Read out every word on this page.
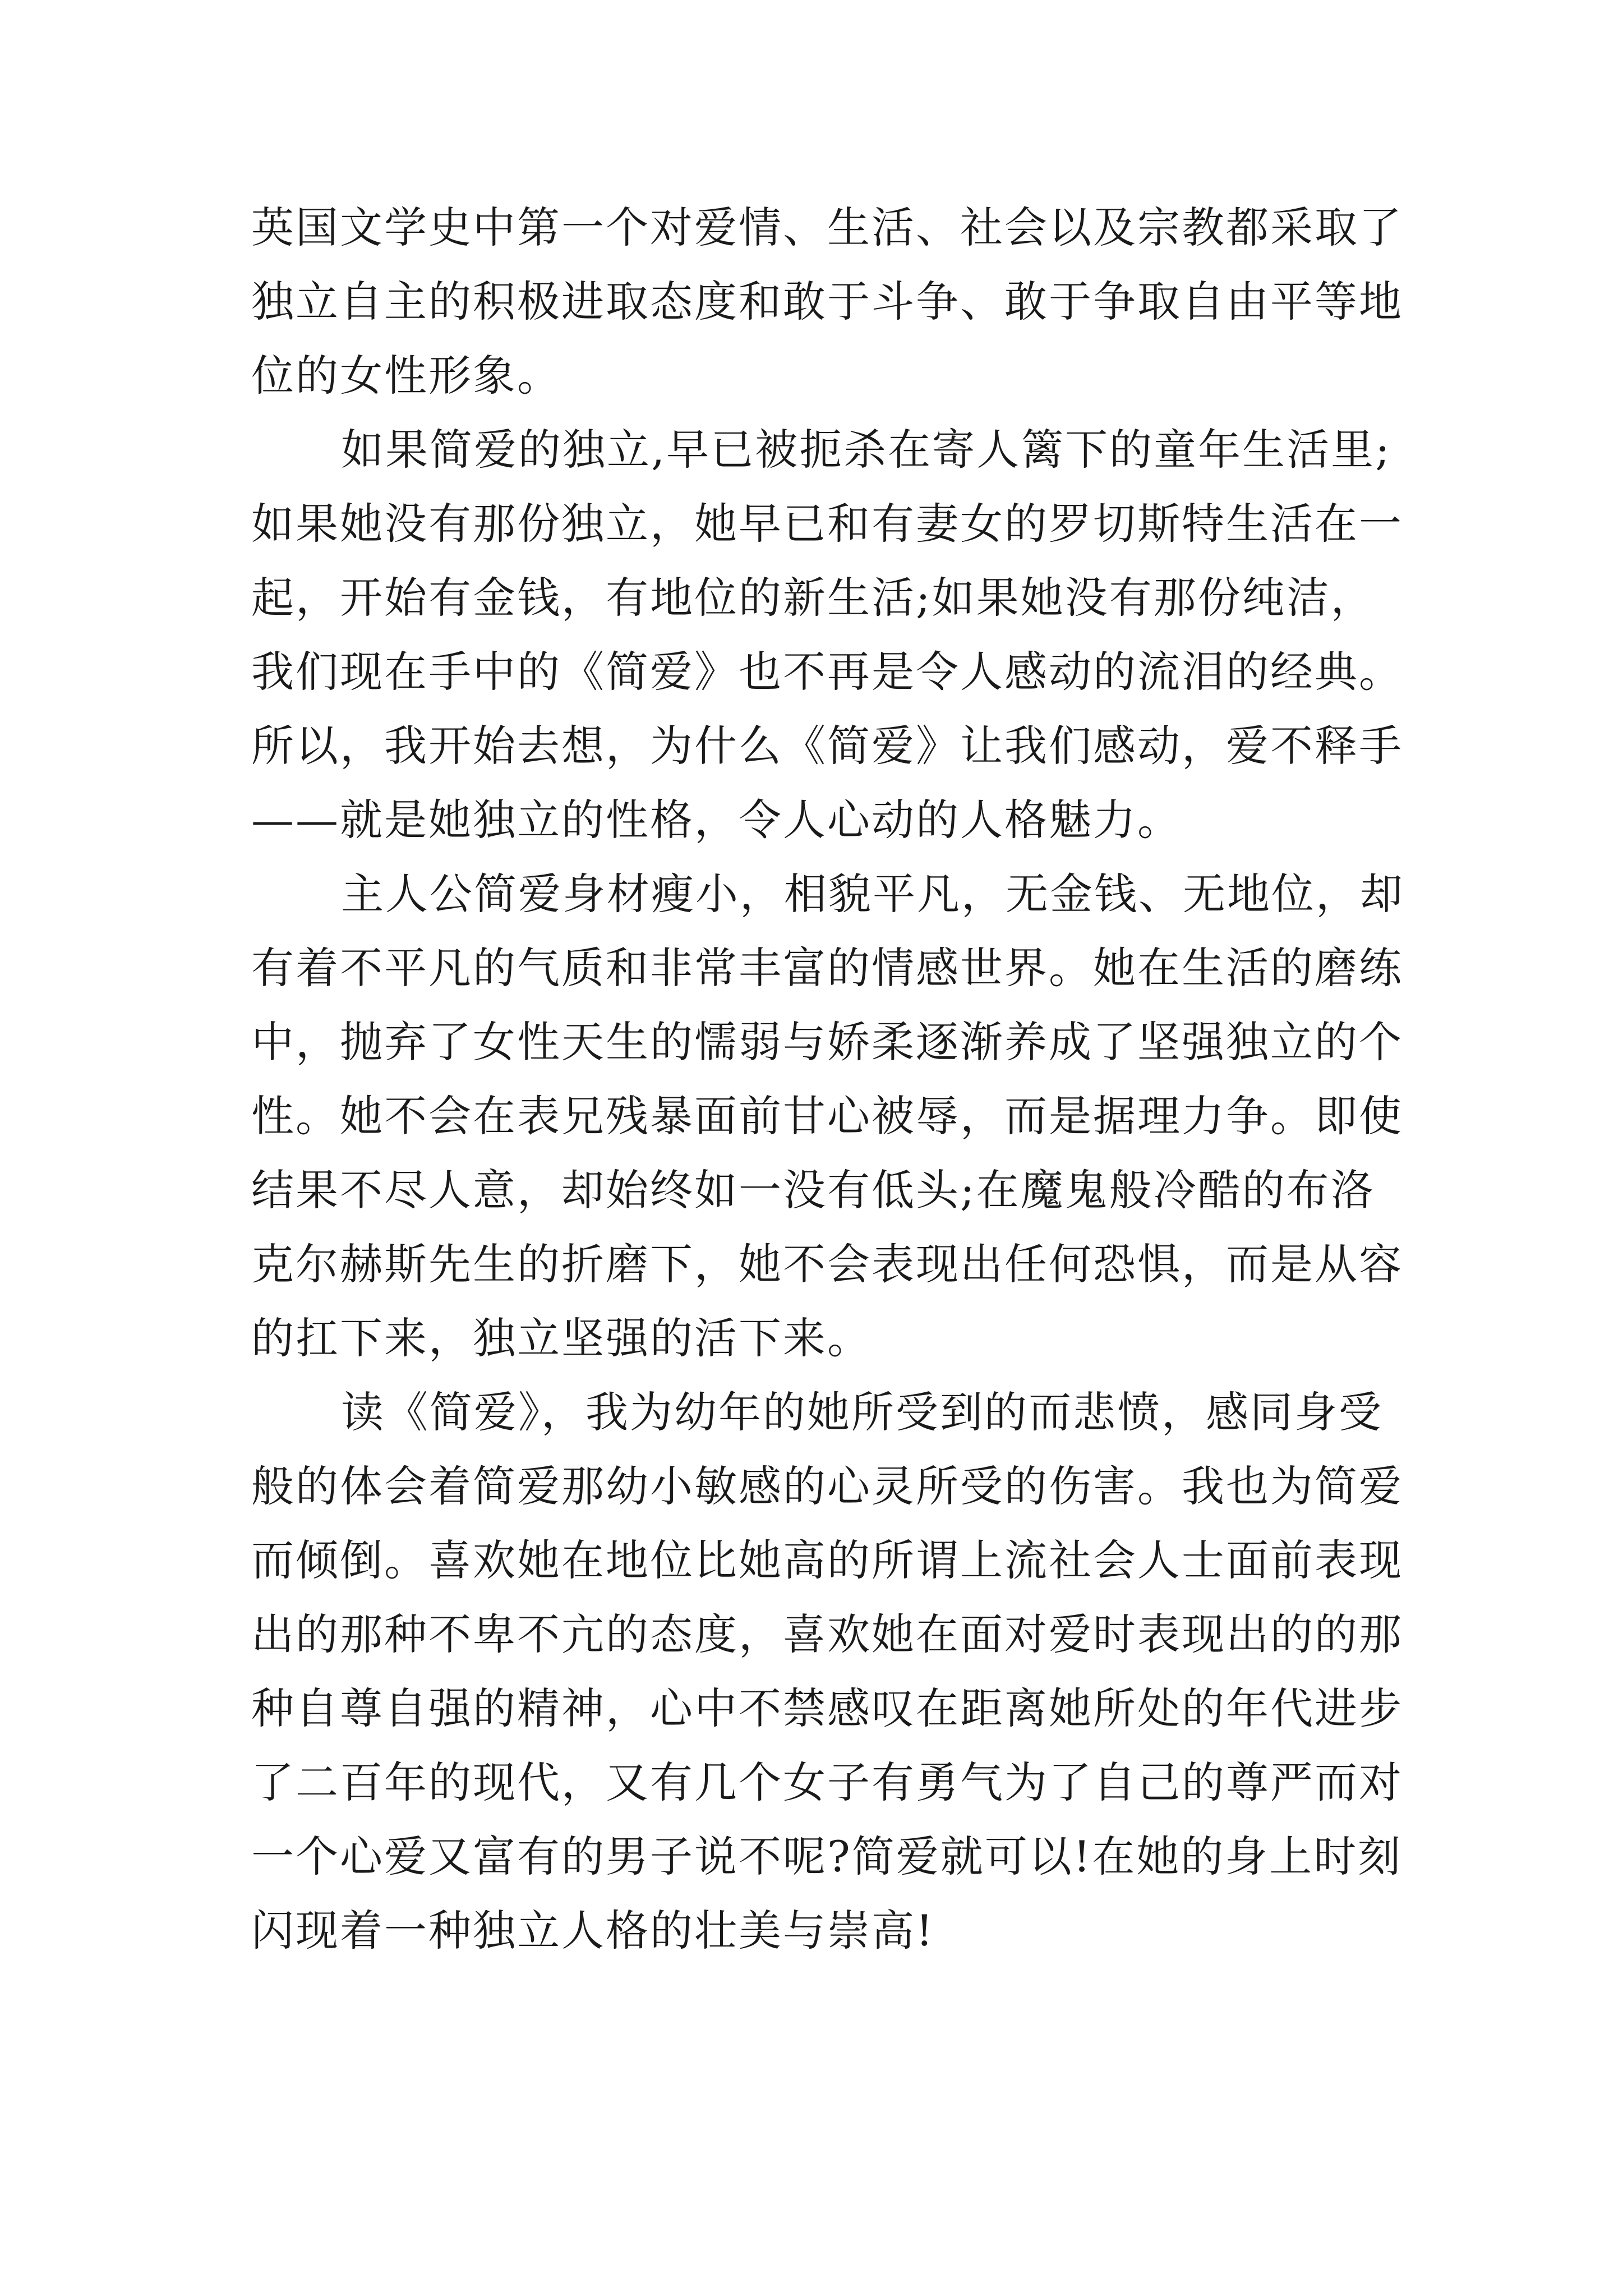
英国文学史中第一个对爱情、生活、社会以及宗教都采取了
独立自主的积极进取态度和敢于斗争、敢于争取自由平等地
位的女性形象。
如果简爱的独立,早已被扼杀在寄人篱下的童年生活里;
如果她没有那份独立，她早已和有妻女的罗切斯特生活在一
起，开始有金钱，有地位的新生活;如果她没有那份纯洁，
我们现在手中的《简爱》也不再是令人感动的流泪的经典。
所以，我开始去想，为什么《简爱》让我们感动，爱不释手
——就是她独立的性格，令人心动的人格魅力。
主人公简爱身材瘦小，相貌平凡，无金钱、无地位，却
有着不平凡的气质和非常丰富的情感世界。她在生活的磨练
中，抛弃了女性天生的懦弱与娇柔逐渐养成了坚强独立的个
性。她不会在表兄残暴面前甘心被辱，而是据理力争。即使
结果不尽人意，却始终如一没有低头;在魔鬼般冷酷的布洛
克尔赫斯先生的折磨下，她不会表现出任何恐惧，而是从容
的扛下来，独立坚强的活下来。
读《简爱》，我为幼年的她所受到的而悲愤，感同身受
般的体会着简爱那幼小敏感的心灵所受的伤害。我也为简爱
而倾倒。喜欢她在地位比她高的所谓上流社会人士面前表现
出的那种不卑不亢的态度，喜欢她在面对爱时表现出的的那
种自尊自强的精神，心中不禁感叹在距离她所处的年代进步
了二百年的现代，又有几个女子有勇气为了自己的尊严而对
一个心爱又富有的男子说不呢?简爱就可以!在她的身上时刻
闪现着一种独立人格的壮美与崇高!
